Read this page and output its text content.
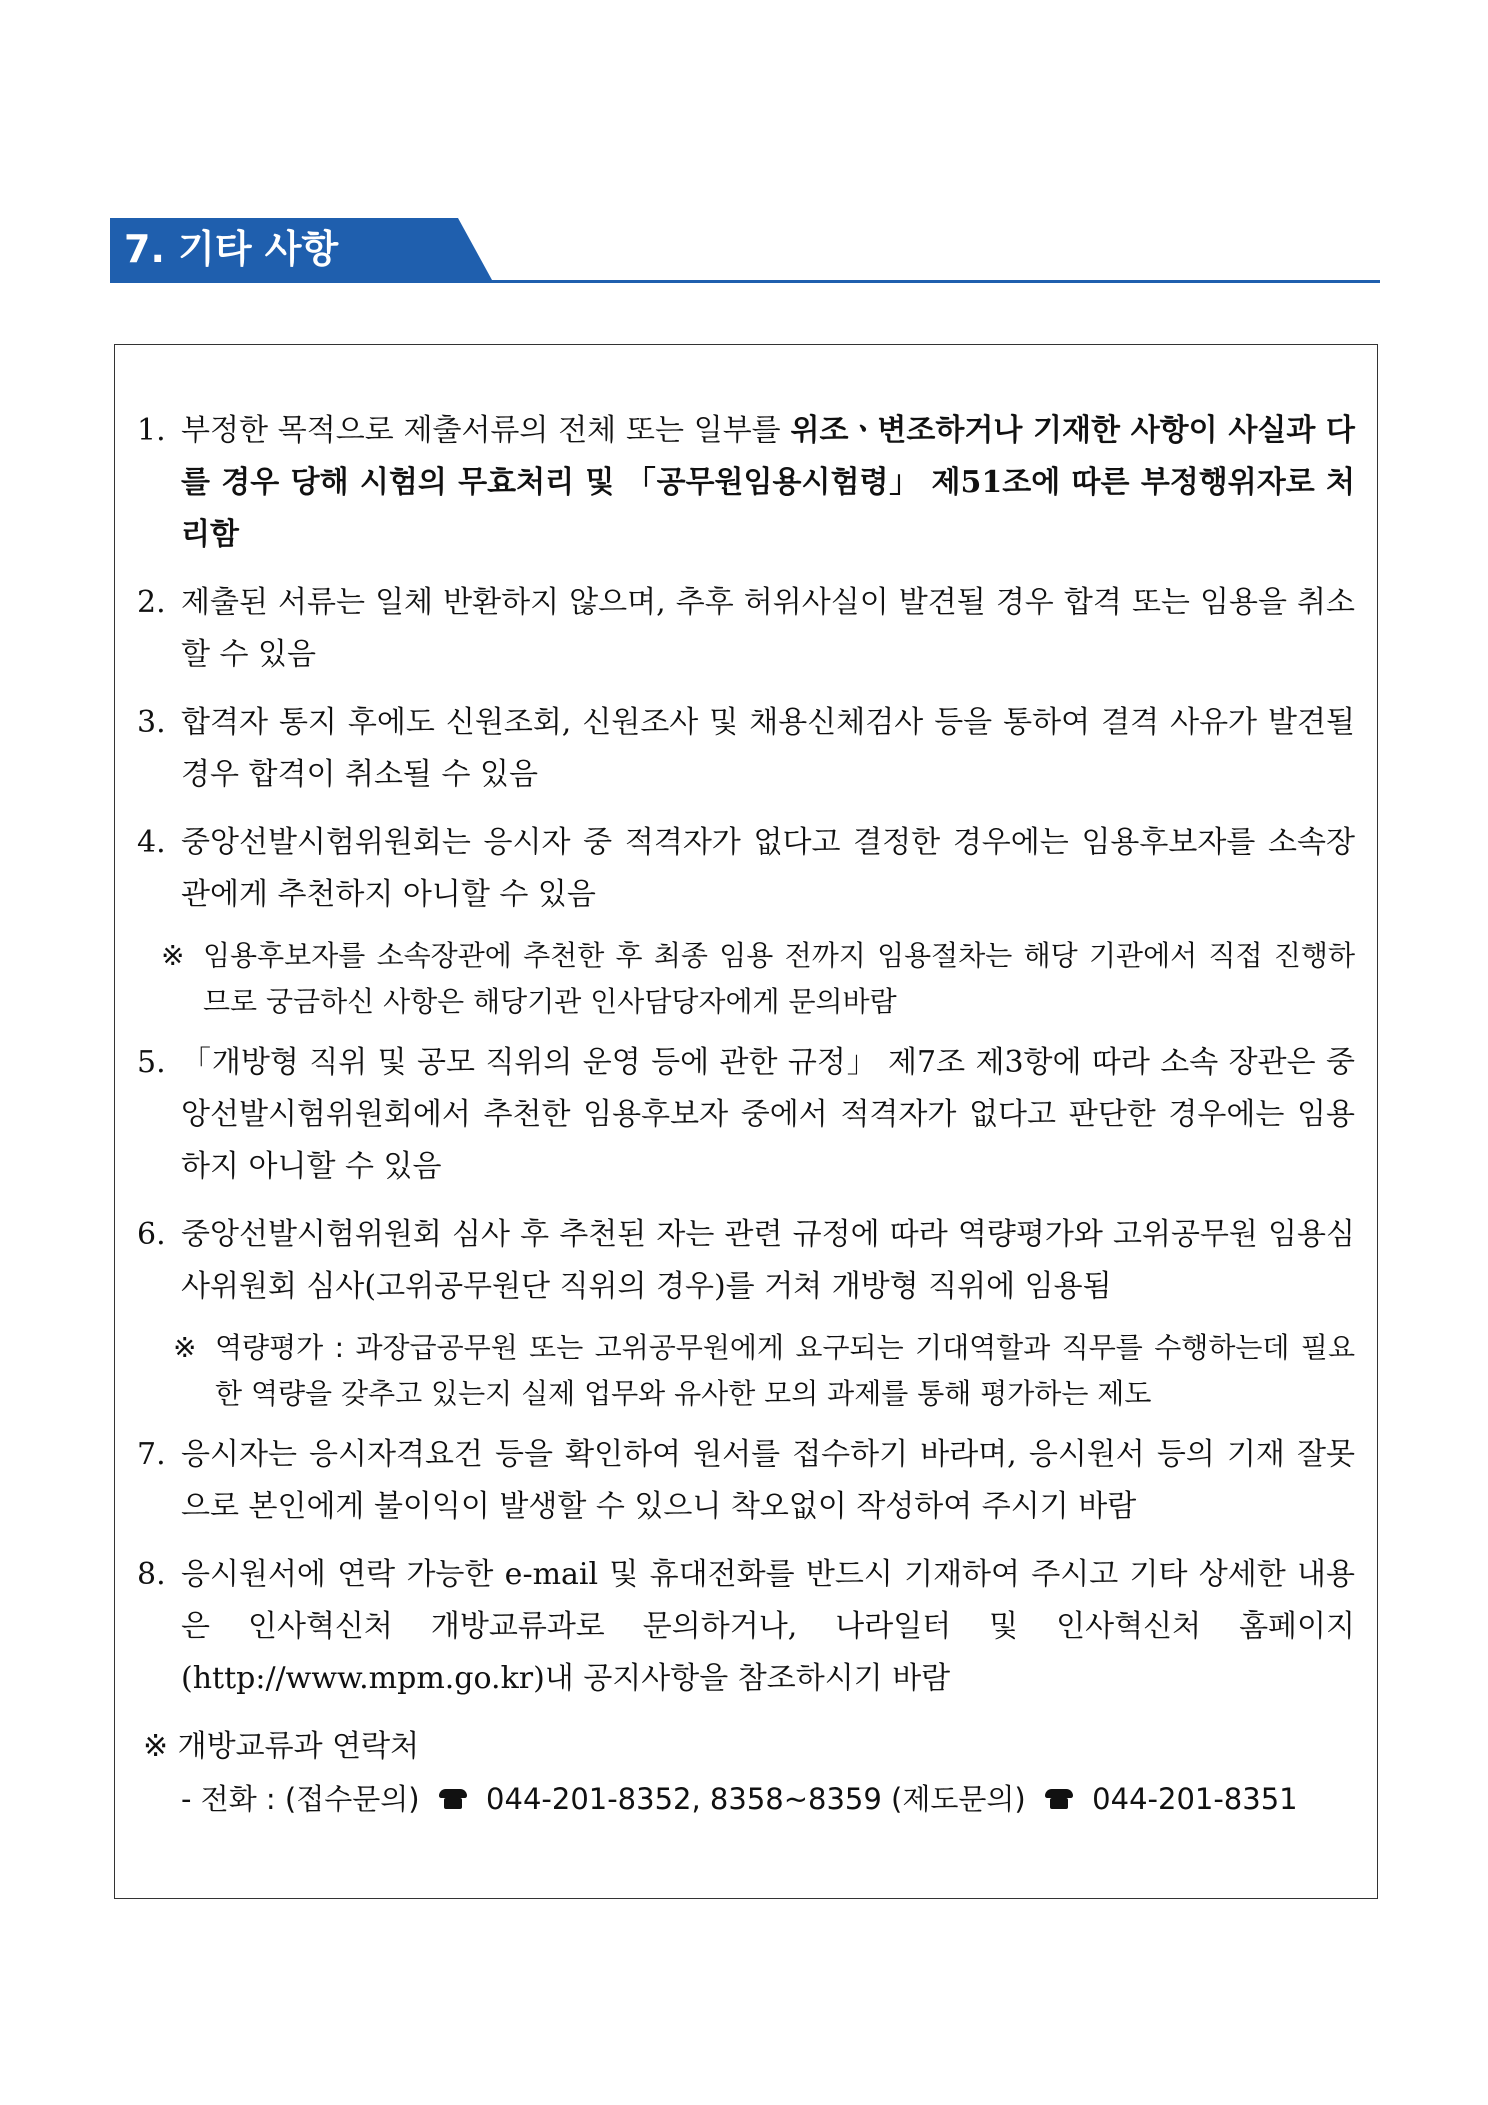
7. 기타 사항
1. 부정한 목적으로 제출서류의 전체 또는 일부를 위조ㆍ변조하거나 기재한 사항이 사실과 다를 경우 당해 시험의 무효처리 및 「공무원임용시험령」 제51조에 따른 부정행위자로 처리함
2. 제출된 서류는 일체 반환하지 않으며, 추후 허위사실이 발견될 경우 합격 또는 임용을 취소할 수 있음
3. 합격자 통지 후에도 신원조회, 신원조사 및 채용신체검사 등을 통하여 결격 사유가 발견될 경우 합격이 취소될 수 있음
4. 중앙선발시험위원회는 응시자 중 적격자가 없다고 결정한 경우에는 임용후보자를 소속장관에게 추천하지 아니할 수 있음
※ 임용후보자를 소속장관에 추천한 후 최종 임용 전까지 임용절차는 해당 기관에서 직접 진행하므로 궁금하신 사항은 해당기관 인사담당자에게 문의바람
5. 「개방형 직위 및 공모 직위의 운영 등에 관한 규정」 제7조 제3항에 따라 소속 장관은 중앙선발시험위원회에서 추천한 임용후보자 중에서 적격자가 없다고 판단한 경우에는 임용하지 아니할 수 있음
6. 중앙선발시험위원회 심사 후 추천된 자는 관련 규정에 따라 역량평가와 고위공무원 임용심사위원회 심사(고위공무원단 직위의 경우)를 거쳐 개방형 직위에 임용됨
※ 역량평가 : 과장급공무원 또는 고위공무원에게 요구되는 기대역할과 직무를 수행하는데 필요한 역량을 갖추고 있는지 실제 업무와 유사한 모의 과제를 통해 평가하는 제도
7. 응시자는 응시자격요건 등을 확인하여 원서를 접수하기 바라며, 응시원서 등의 기재 잘못으로 본인에게 불이익이 발생할 수 있으니 착오없이 작성하여 주시기 바람
8. 응시원서에 연락 가능한 e-mail 및 휴대전화를 반드시 기재하여 주시고 기타 상세한 내용은 인사혁신처 개방교류과로 문의하거나, 나라일터 및 인사혁신처 홈페이지(http://www.mpm.go.kr)내 공지사항을 참조하시기 바람
※ 개방교류과 연락처
- 전화 : (접수문의) 044-201-8352, 8358~8359 (제도문의) 044-201-8351
